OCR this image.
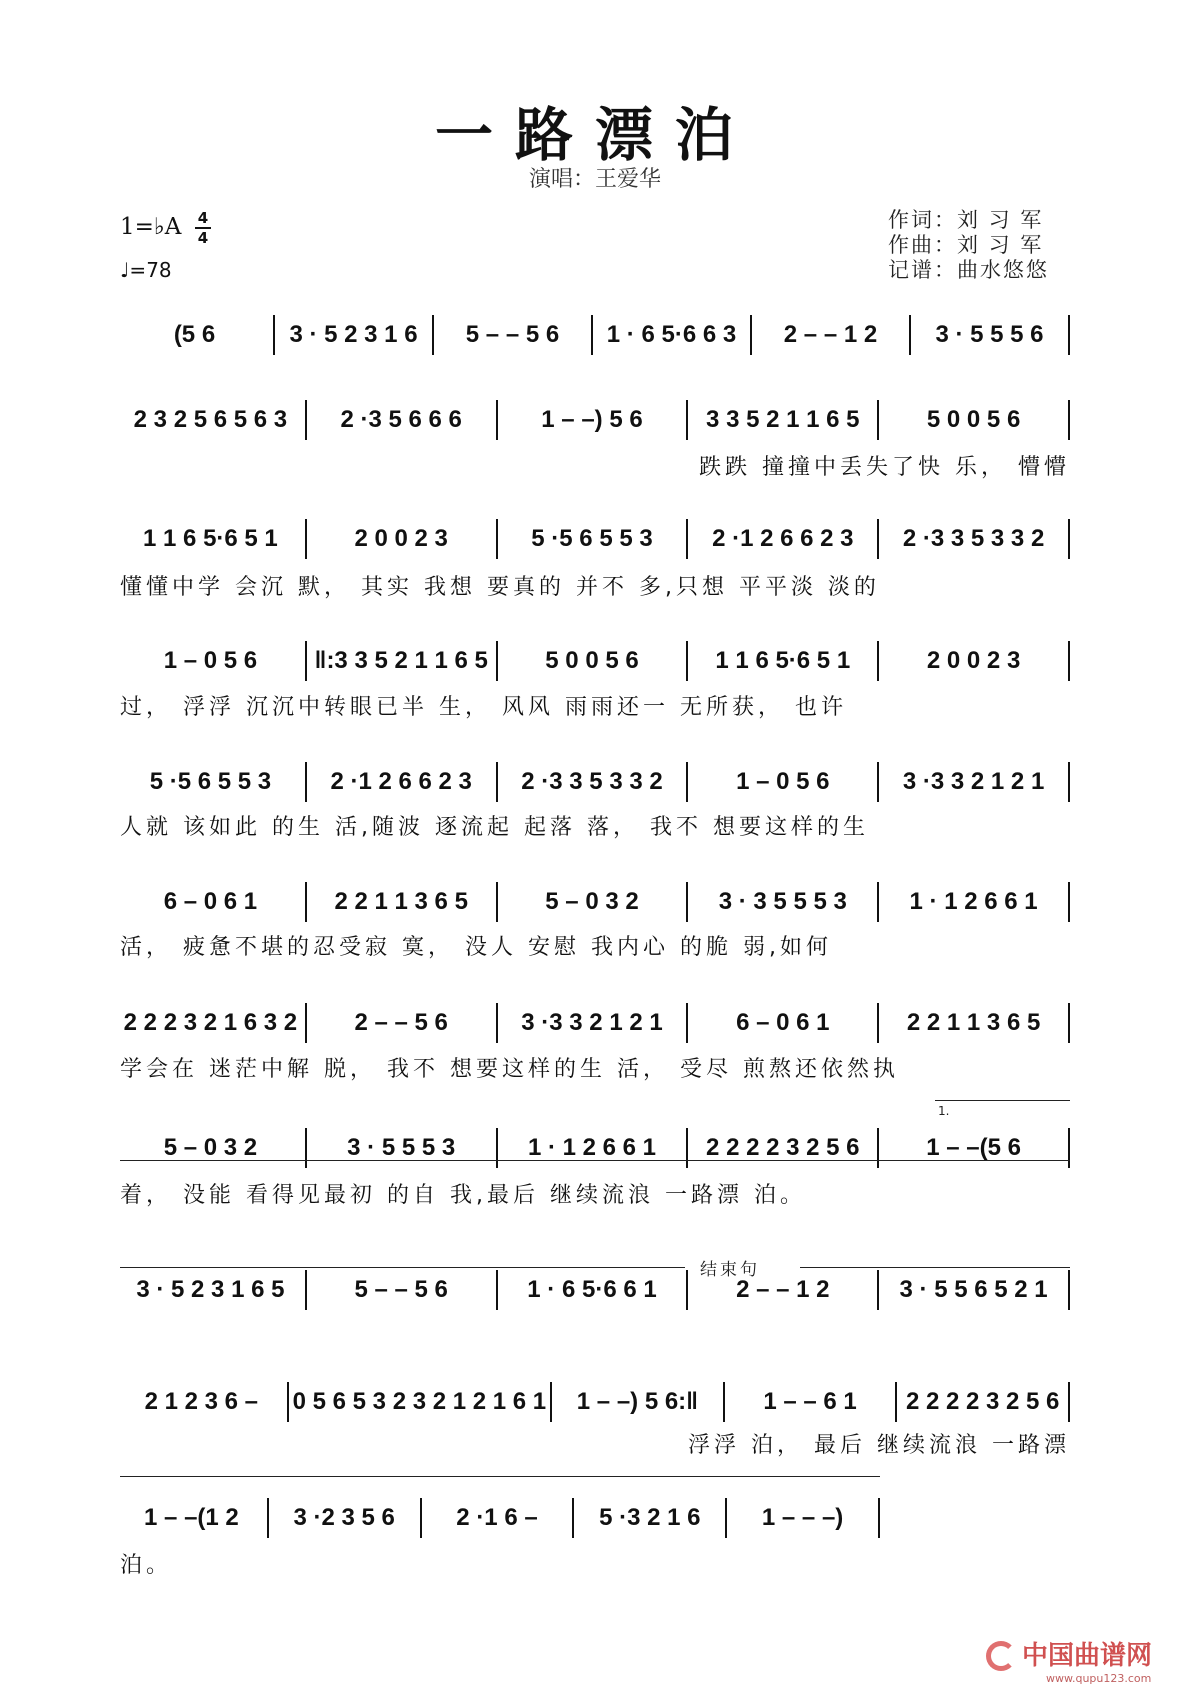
一路漂泊
演唱：王爱华
1=♭A 4
4
♩=78
作词：刘 习 军
作曲：刘 习 军
记谱：曲水悠悠
(5 6	3 · 5 2 3 1 6	5 – – 5 6	1 · 6 5·6 6 3	2 – – 1 2	3 · 5 5 5 6
2 3 2 5 6 5 6 3	2 ·3 5 6 6 6	1 – –) 5 6	3 3 5 2 1 1 6 5	5 0 0 5 6
跌跌 撞撞中丢失了快 乐， 懵懵
1 1 6 5·6 5 1	2 0 0 2 3	5 ·5 6 5 5 3	2 ·1 2 6 6 2 3	2 ·3 3 5 3 3 2
懂懂中学 会沉 默， 其实 我想 要真的 并不 多,只想 平平淡 淡的
1 – 0 5 6	‖:3 3 5 2 1 1 6 5	5 0 0 5 6	1 1 6 5·6 5 1	2 0 0 2 3
过， 浮浮 沉沉中转眼已半 生， 风风 雨雨还一 无所获， 也许
5 ·5 6 5 5 3	2 ·1 2 6 6 2 3	2 ·3 3 5 3 3 2	1 – 0 5 6	3 ·3 3 2 1 2 1
人就 该如此 的生 活,随波 逐流起 起落 落， 我不 想要这样的生
6 – 0 6 1	2 2 1 1 3 6 5	5 – 0 3 2	3 · 3 5 5 5 3	1 · 1 2 6 6 1
活， 疲惫不堪的忍受寂 寞， 没人 安慰 我内心 的脆 弱,如何
2 2 2 3 2 1 6 3 2	2 – – 5 6	3 ·3 3 2 1 2 1	6 – 0 6 1	2 2 1 1 3 6 5
学会在 迷茫中解 脱， 我不 想要这样的生 活， 受尽 煎熬还依然执
5 – 0 3 2	3 · 5 5 5 3	1 · 1 2 6 6 1	2 2 2 2 3 2 5 6	1 – –(5 6
着， 没能 看得见最初 的自 我,最后 继续流浪 一路漂 泊。
3 · 5 2 3 1 6 5	5 – – 5 6	1 · 6 5·6 6 1	2 – – 1 2	3 · 5 5 6 5 2 1
2 1 2 3 6 –	0 5 6 5 3 2 3 2 1 2 1 6 1	1 – –) 5 6:‖	1 – – 6 1	2 2 2 2 3 2 5 6
浮浮 泊， 最后 继续流浪 一路漂
1 – –(1 2	3 ·2 3 5 6	2 ·1 6 –	5 ·3 2 1 6	1 – – –)
泊。
1.
结束句
中国曲谱网
www.qupu123.com
